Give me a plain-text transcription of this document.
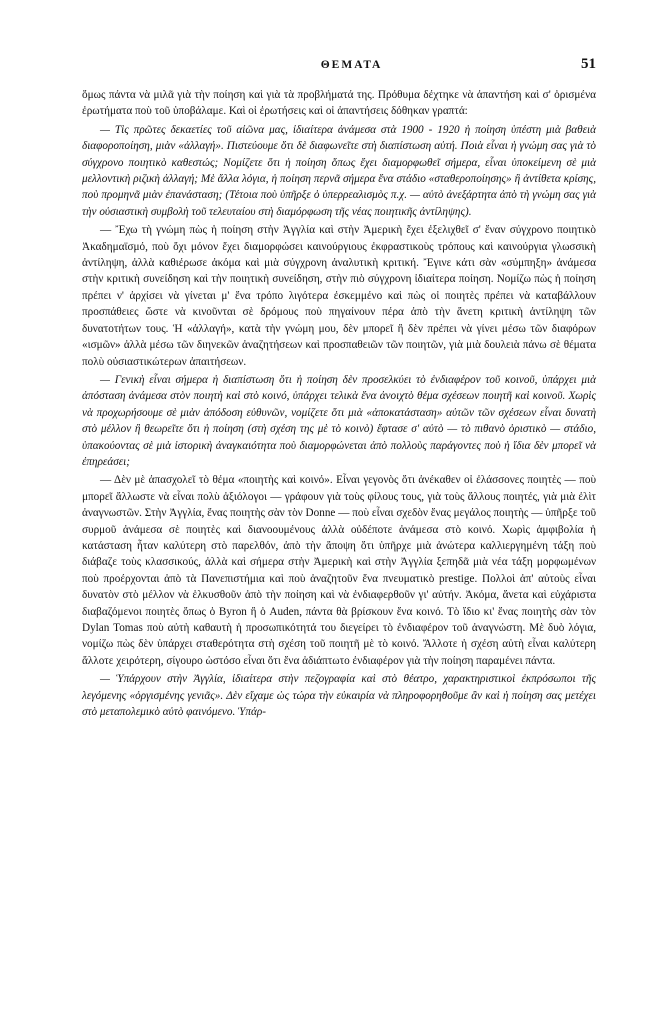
ΘΕΜΑΤΑ	51

ὅμως πάντα νὰ μιλᾶ γιὰ τὴν ποίηση καὶ γιὰ τὰ προβλήματά της. Πρόθυμα δέχτηκε νὰ ἀπαντήση καὶ σ' ὁρισμένα ἐρωτήματα ποὺ τοῦ ὑποβάλαμε. Καὶ οἱ ἐρωτήσεις καὶ οἱ ἀπαντήσεις δόθηκαν γραπτά:

— Τὶς πρῶτες δεκαετίες τοῦ αἰῶνα μας, ἰδιαίτερα ἀνάμεσα στὰ 1900 - 1920 ἡ ποίηση ὑπέστη μιὰ βαθειὰ διαφοροποίηση, μιὰν «ἀλλαγή». Πιστεύουμε ὅτι δὲ διαφωνεῖτε στὴ διαπίστωση αὐτή. Ποιὰ εἶναι ἡ γνώμη σας γιὰ τὸ σύγχρονο ποιητικὸ καθεστώς; Νομίζετε ὅτι ἡ ποίηση ὅπως ἔχει διαμορφωθεῖ σήμερα, εἶναι ὑποκείμενη σὲ μιὰ μελλοντικὴ ριζικὴ ἀλλαγή; Μὲ ἄλλα λόγια, ἡ ποίηση περνᾶ σήμερα ἕνα στάδιο «σταθεροποίησης» ἢ ἀντίθετα κρίσης, ποὺ προμηνᾶ μιὰν ἐπανάσταση; (Τέτοια ποὺ ὑπῆρξε ὁ ὑπερρεαλισμὸς π.χ. — αὐτὸ ἀνεξάρτητα ἀπὸ τὴ γνώμη σας γιὰ τὴν οὐσιαστικὴ συμβολὴ τοῦ τελευταίου στὴ διαμόρφωση τῆς νέας ποιητικῆς ἀντίληψης).

— Ἔχω τὴ γνώμη πὼς ἡ ποίηση στὴν Ἀγγλία καὶ στὴν Ἀμερικὴ ἔχει ἐξελιχθεῖ σ' ἕναν σύγχρονο ποιητικὸ Ἀκαδημαϊσμό, ποὺ ὄχι μόνον ἔχει διαμορφώσει καινούργιους ἐκφραστικοὺς τρόπους καὶ καινούργια γλωσσικὴ ἀντίληψη, ἀλλὰ καθιέρωσε ἀκόμα καὶ μιὰ σύγχρονη ἀναλυτικὴ κριτική. Ἔγινε κάτι σὰν «σύμπηξη» ἀνάμεσα στὴν κριτικὴ συνείδηση καὶ τὴν ποιητικὴ συνείδηση, στὴν πιὸ σύγχρονη ἰδιαίτερα ποίηση. Νομίζω πὼς ἡ ποίηση πρέπει ν' ἀρχίσει νὰ γίνεται μ' ἕνα τρόπο λιγότερα ἐσκεμμένο καὶ πὼς οἱ ποιητὲς πρέπει νὰ καταβάλλουν προσπάθειες ὥστε νὰ κινοῦνται σὲ δρόμους ποὺ πηγαίνουν πέρα ἀπὸ τὴν ἄνετη κριτικὴ ἀντίληψη τῶν δυνατοτήτων τους. Ἡ «ἀλλαγή», κατὰ τὴν γνώμη μου, δὲν μπορεῖ ἢ δὲν πρέπει νὰ γίνει μέσω τῶν διαφόρων «ισμῶν» ἀλλὰ μέσω τῶν διηνεκῶν ἀναζητήσεων καὶ προσπαθειῶν τῶν ποιητῶν, γιὰ μιὰ δουλειὰ πάνω σὲ θέματα πολὺ οὐσιαστικώτερων ἀπαιτήσεων.

— Γενικὴ εἶναι σήμερα ἡ διαπίστωση ὅτι ἡ ποίηση δὲν προσελκύει τὸ ἐνδιαφέρον τοῦ κοινοῦ, ὑπάρχει μιὰ ἀπόσταση ἀνάμεσα στὸν ποιητὴ καὶ στὸ κοινό, ὑπάρχει τελικὰ ἕνα ἀνοιχτὸ θέμα σχέσεων ποιητῆ καὶ κοινοῦ. Χωρὶς νὰ προχωρήσουμε σὲ μιὰν ἀπόδοση εὐθυνῶν, νομίζετε ὅτι μιὰ «ἀποκατάσταση» αὐτῶν τῶν σχέσεων εἶναι δυνατὴ στὸ μέλλον ἢ θεωρεῖτε ὅτι ἡ ποίηση (στὴ σχέση της μὲ τὸ κοινὸ) ἔφτασε σ' αὐτὸ — τὸ πιθανὸ ὁριστικὸ — στάδιο, ὑπακούοντας σὲ μιὰ ἱστορικὴ ἀναγκαιότητα ποὺ διαμορφώνεται ἀπὸ πολλοὺς παράγοντες ποὺ ἡ ἴδια δὲν μπορεῖ νὰ ἐπηρεάσει;

— Δὲν μὲ ἀπασχολεῖ τὸ θέμα «ποιητὴς καὶ κοινό». Εἶναι γεγονὸς ὅτι ἀνέκαθεν οἱ ἐλάσσονες ποιητὲς — ποὺ μπορεῖ ἄλλωστε νὰ εἶναι πολὺ ἀξιόλογοι — γράφουν γιὰ τοὺς φίλους τους, γιὰ τοὺς ἄλλους ποιητές, γιὰ μιὰ ἐλὶτ ἀναγνωστῶν. Στὴν Ἀγγλία, ἕνας ποιητὴς σὰν τὸν Donne — ποὺ εἶναι σχεδὸν ἕνας μεγάλος ποιητὴς — ὑπῆρξε τοῦ συρμοῦ ἀνάμεσα σὲ ποιητὲς καὶ διανοουμένους ἀλλὰ οὐδέποτε ἀνάμεσα στὸ κοινό. Χωρὶς ἀμφιβολία ἡ κατάσταση ἦταν καλύτερη στὸ παρελθόν, ἀπὸ τὴν ἄποψη ὅτι ὑπῆρχε μιὰ ἀνώτερα καλλιεργημένη τάξη ποὺ διάβαζε τοὺς κλασσικούς, ἀλλὰ καὶ σήμερα στὴν Ἀμερικὴ καὶ στὴν Ἀγγλία ξεπηδᾶ μιὰ νέα τάξη μορφωμένων ποὺ προέρχονται ἀπὸ τὰ Πανεπιστήμια καὶ ποὺ ἀναζητοῦν ἕνα πνευματικὸ prestige. Πολλοὶ ἀπ' αὐτοὺς εἶναι δυνατὸν στὸ μέλλον νὰ ἑλκυσθοῦν ἀπὸ τὴν ποίηση καὶ νὰ ἐνδιαφερθοῦν γι' αὐτήν. Ἀκόμα, ἄνετα καὶ εὐχάριστα διαβαζόμενοι ποιητὲς ὅπως ὁ Byron ἢ ὁ Auden, πάντα θὰ βρίσκουν ἕνα κοινό. Τὸ ἴδιο κι' ἕνας ποιητὴς σὰν τὸν Dylan Tomas ποὺ αὐτὴ καθαυτὴ ἡ προσωπικότητά του διεγείρει τὸ ἐνδιαφέρον τοῦ ἀναγνώστη. Μὲ δυὸ λόγια, νομίζω πὼς δὲν ὑπάρχει σταθερότητα στὴ σχέση τοῦ ποιητῆ μὲ τὸ κοινό. Ἄλλοτε ἡ σχέση αὐτὴ εἶναι καλύτερη ἄλλοτε χειρότερη, σίγουρο ὡστόσο εἶναι ὅτι ἕνα ἀδιάπτωτο ἐνδιαφέρον γιὰ τὴν ποίηση παραμένει πάντα.

— Ὑπάρχουν στὴν Ἀγγλία, ἰδιαίτερα στὴν πεζογραφία καὶ στὸ θέατρο, χαρακτηριστικοὶ ἐκπρόσωποι τῆς λεγόμενης «ὀργισμένης γενιᾶς». Δὲν εἴχαμε ὡς τώρα τὴν εὐκαιρία νὰ πληροφορηθοῦμε ἂν καὶ ἡ ποίηση σας μετέχει στὸ μεταπολεμικὸ αὐτὸ φαινόμενο. Ὑπάρ-
